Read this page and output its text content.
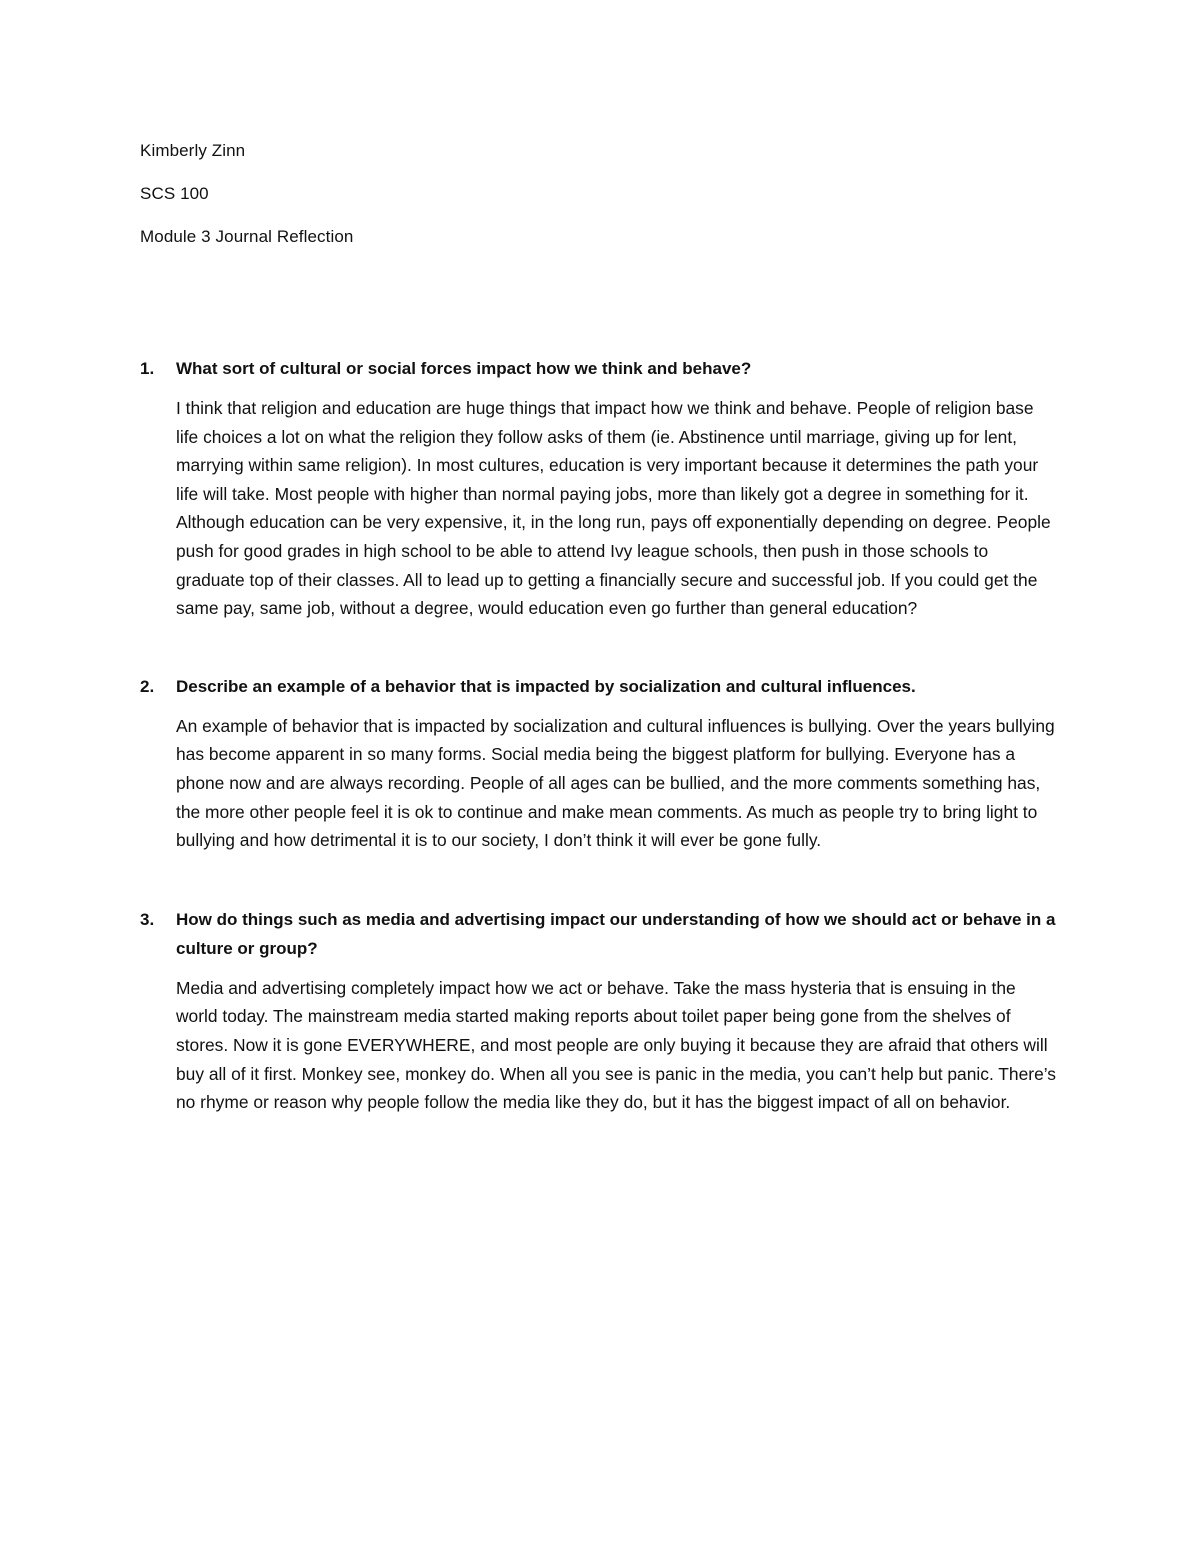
Kimberly Zinn

SCS 100

Module 3 Journal Reflection

1.	What sort of cultural or social forces impact how we think and behave?

I think that religion and education are huge things that impact how we think and behave. People of religion base life choices a lot on what the religion they follow asks of them (ie. Abstinence until marriage, giving up for lent, marrying within same religion). In most cultures, education is very important because it determines the path your life will take. Most people with higher than normal paying jobs, more than likely got a degree in something for it. Although education can be very expensive, it, in the long run, pays off exponentially depending on degree. People push for good grades in high school to be able to attend Ivy league schools, then push in those schools to graduate top of their classes. All to lead up to getting a financially secure and successful job. If you could get the same pay, same job, without a degree, would education even go further than general education?

2.	Describe an example of a behavior that is impacted by socialization and cultural influences.

An example of behavior that is impacted by socialization and cultural influences is bullying. Over the years bullying has become apparent in so many forms. Social media being the biggest platform for bullying. Everyone has a phone now and are always recording. People of all ages can be bullied, and the more comments something has, the more other people feel it is ok to continue and make mean comments. As much as people try to bring light to bullying and how detrimental it is to our society, I don’t think it will ever be gone fully.

3.	How do things such as media and advertising impact our understanding of how we should act or behave in a culture or group?

Media and advertising completely impact how we act or behave. Take the mass hysteria that is ensuing in the world today. The mainstream media started making reports about toilet paper being gone from the shelves of stores. Now it is gone EVERYWHERE, and most people are only buying it because they are afraid that others will buy all of it first. Monkey see, monkey do. When all you see is panic in the media, you can’t help but panic. There’s no rhyme or reason why people follow the media like they do, but it has the biggest impact of all on behavior.
